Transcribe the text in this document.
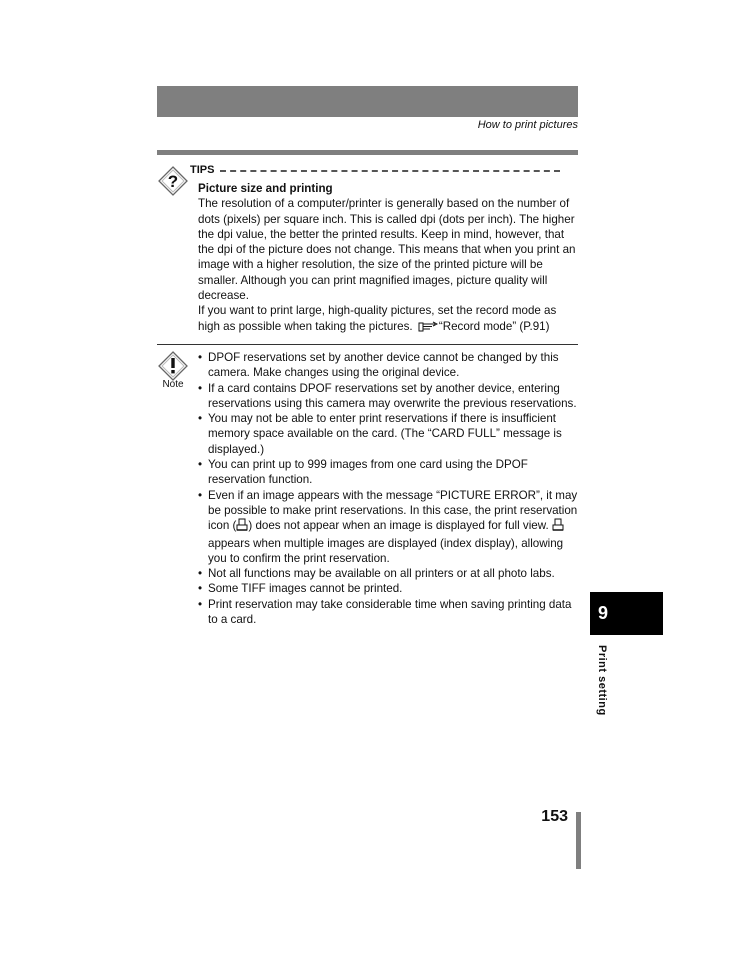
How to print pictures
?
TIPS
Picture size and printing
The resolution of a computer/printer is generally based on the number of dots (pixels) per square inch. This is called dpi (dots per inch). The higher the dpi value, the better the printed results. Keep in mind, however, that the dpi of the picture does not change. This means that when you print an image with a higher resolution, the size of the printed picture will be smaller. Although you can print magnified images, picture quality will decrease.
If you want to print large, high-quality pictures, set the record mode as high as possible when taking the pictures. “Record mode” (P.91)
Note
• DPOF reservations set by another device cannot be changed by this camera. Make changes using the original device.
• If a card contains DPOF reservations set by another device, entering reservations using this camera may overwrite the previous reservations.
• You may not be able to enter print reservations if there is insufficient memory space available on the card. (The “CARD FULL” message is displayed.)
• You can print up to 999 images from one card using the DPOF reservation function.
• Even if an image appears with the message “PICTURE ERROR”, it may be possible to make print reservations. In this case, the print reservation icon ( ) does not appear when an image is displayed for full view.  appears when multiple images are displayed (index display), allowing you to confirm the print reservation.
• Not all functions may be available on all printers or at all photo labs.
• Some TIFF images cannot be printed.
• Print reservation may take considerable time when saving printing data to a card.	9
Print setting
153
